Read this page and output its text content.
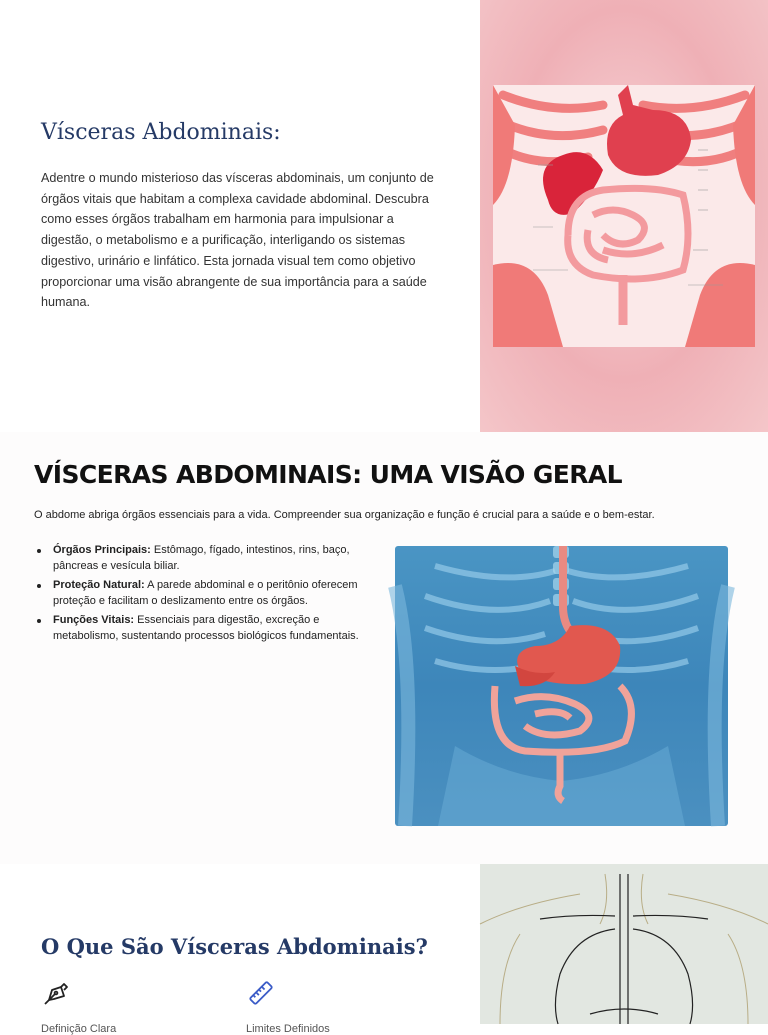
Vísceras Abdominais:

Adentre o mundo misterioso das vísceras abdominais, um conjunto de órgãos vitais que habitam a complexa cavidade abdominal. Descubra como esses órgãos trabalham em harmonia para impulsionar a digestão, o metabolismo e a purificação, interligando os sistemas digestivo, urinário e linfático. Esta jornada visual tem como objetivo proporcionar uma visão abrangente de sua importância para a saúde humana.

VÍSCERAS ABDOMINAIS: UMA VISÃO GERAL

O abdome abriga órgãos essenciais para a vida. Compreender sua organização e função é crucial para a saúde e o bem-estar.

Órgãos Principais: Estômago, fígado, intestinos, rins, baço, pâncreas e vesícula biliar.
Proteção Natural: A parede abdominal e o peritônio oferecem proteção e facilitam o deslizamento entre os órgãos.
Funções Vitais: Essenciais para digestão, excreção e metabolismo, sustentando processos biológicos fundamentais.
O Que São Vísceras Abdominais?
Definição Clara	Limites Definidos
